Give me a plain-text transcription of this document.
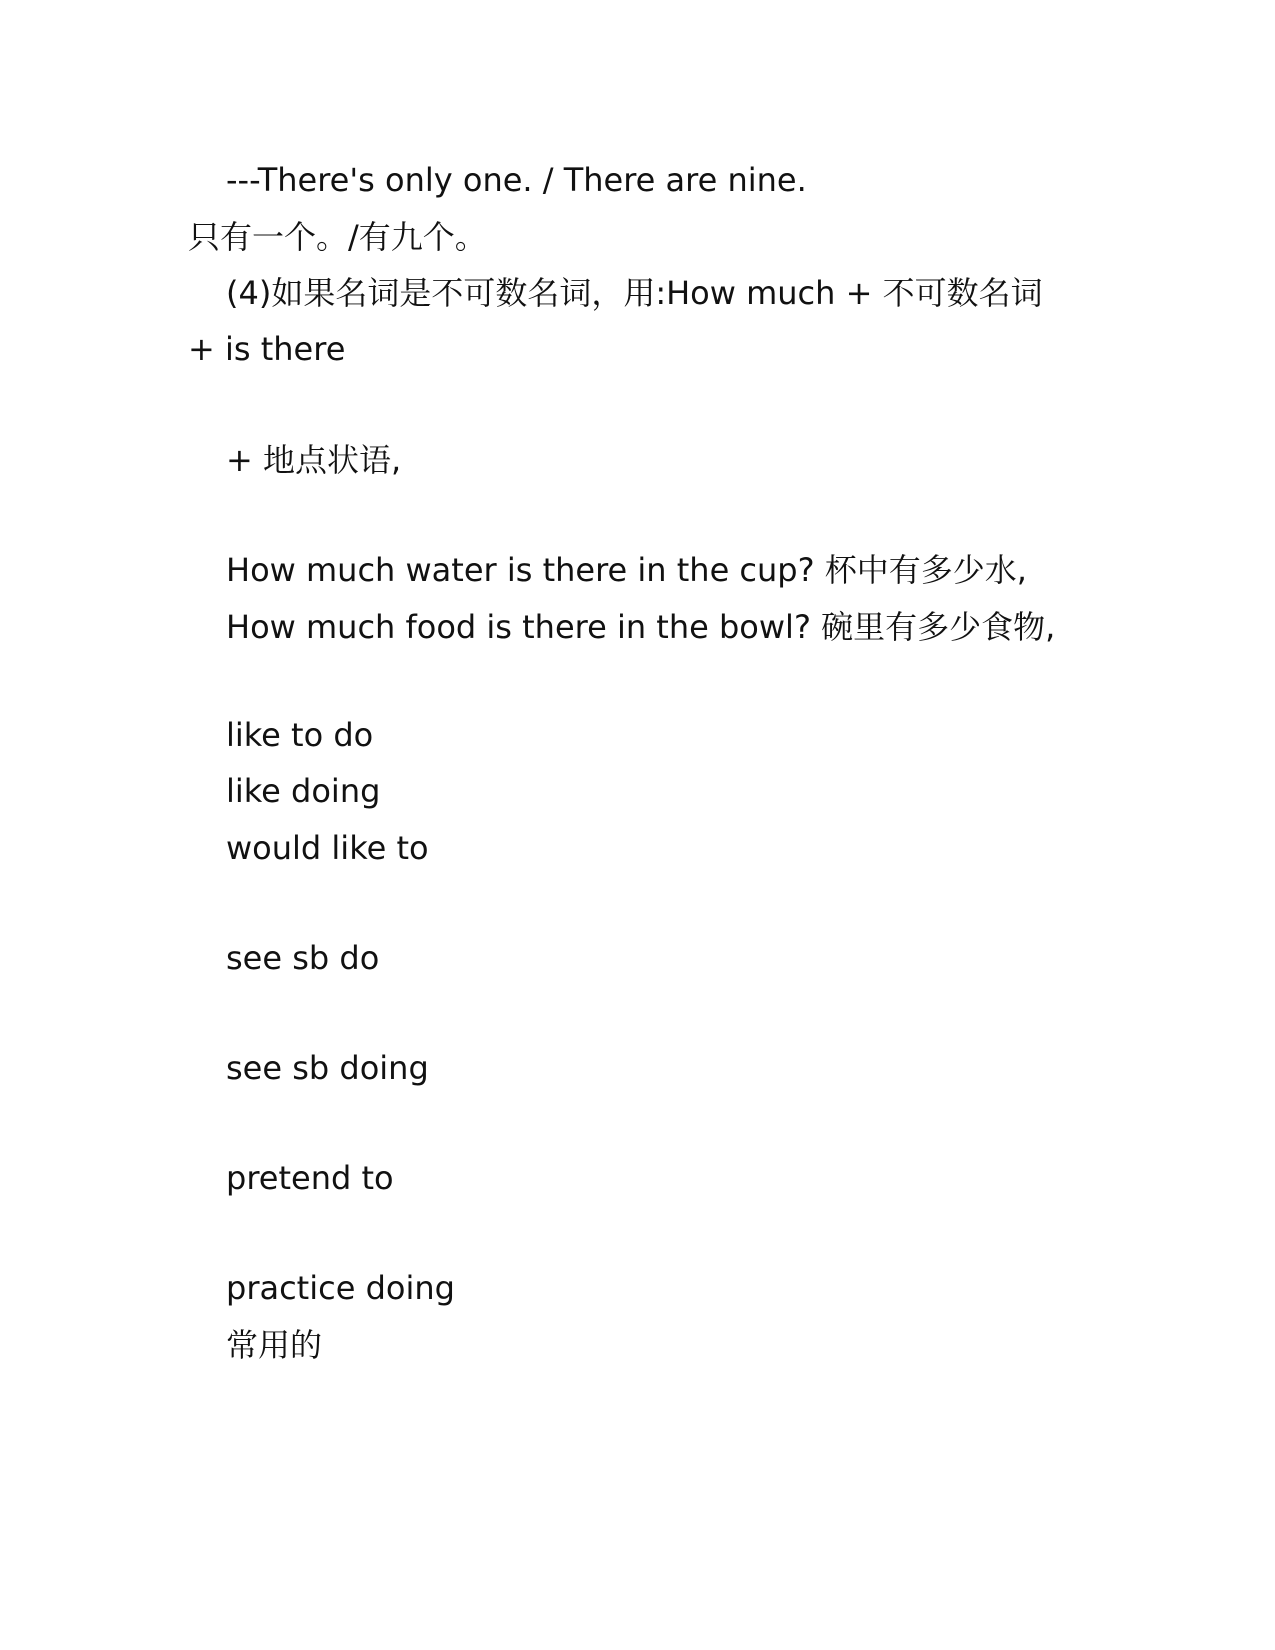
---There's only one. / There are nine.

只有一个。/有九个。

(4)如果名词是不可数名词，用:How much + 不可数名词

+ is there

+ 地点状语,

How much water is there in the cup? 杯中有多少水,

How much food is there in the bowl? 碗里有多少食物,

like to do

like doing

would like to

see sb do

see sb doing

pretend to

practice doing

常用的
